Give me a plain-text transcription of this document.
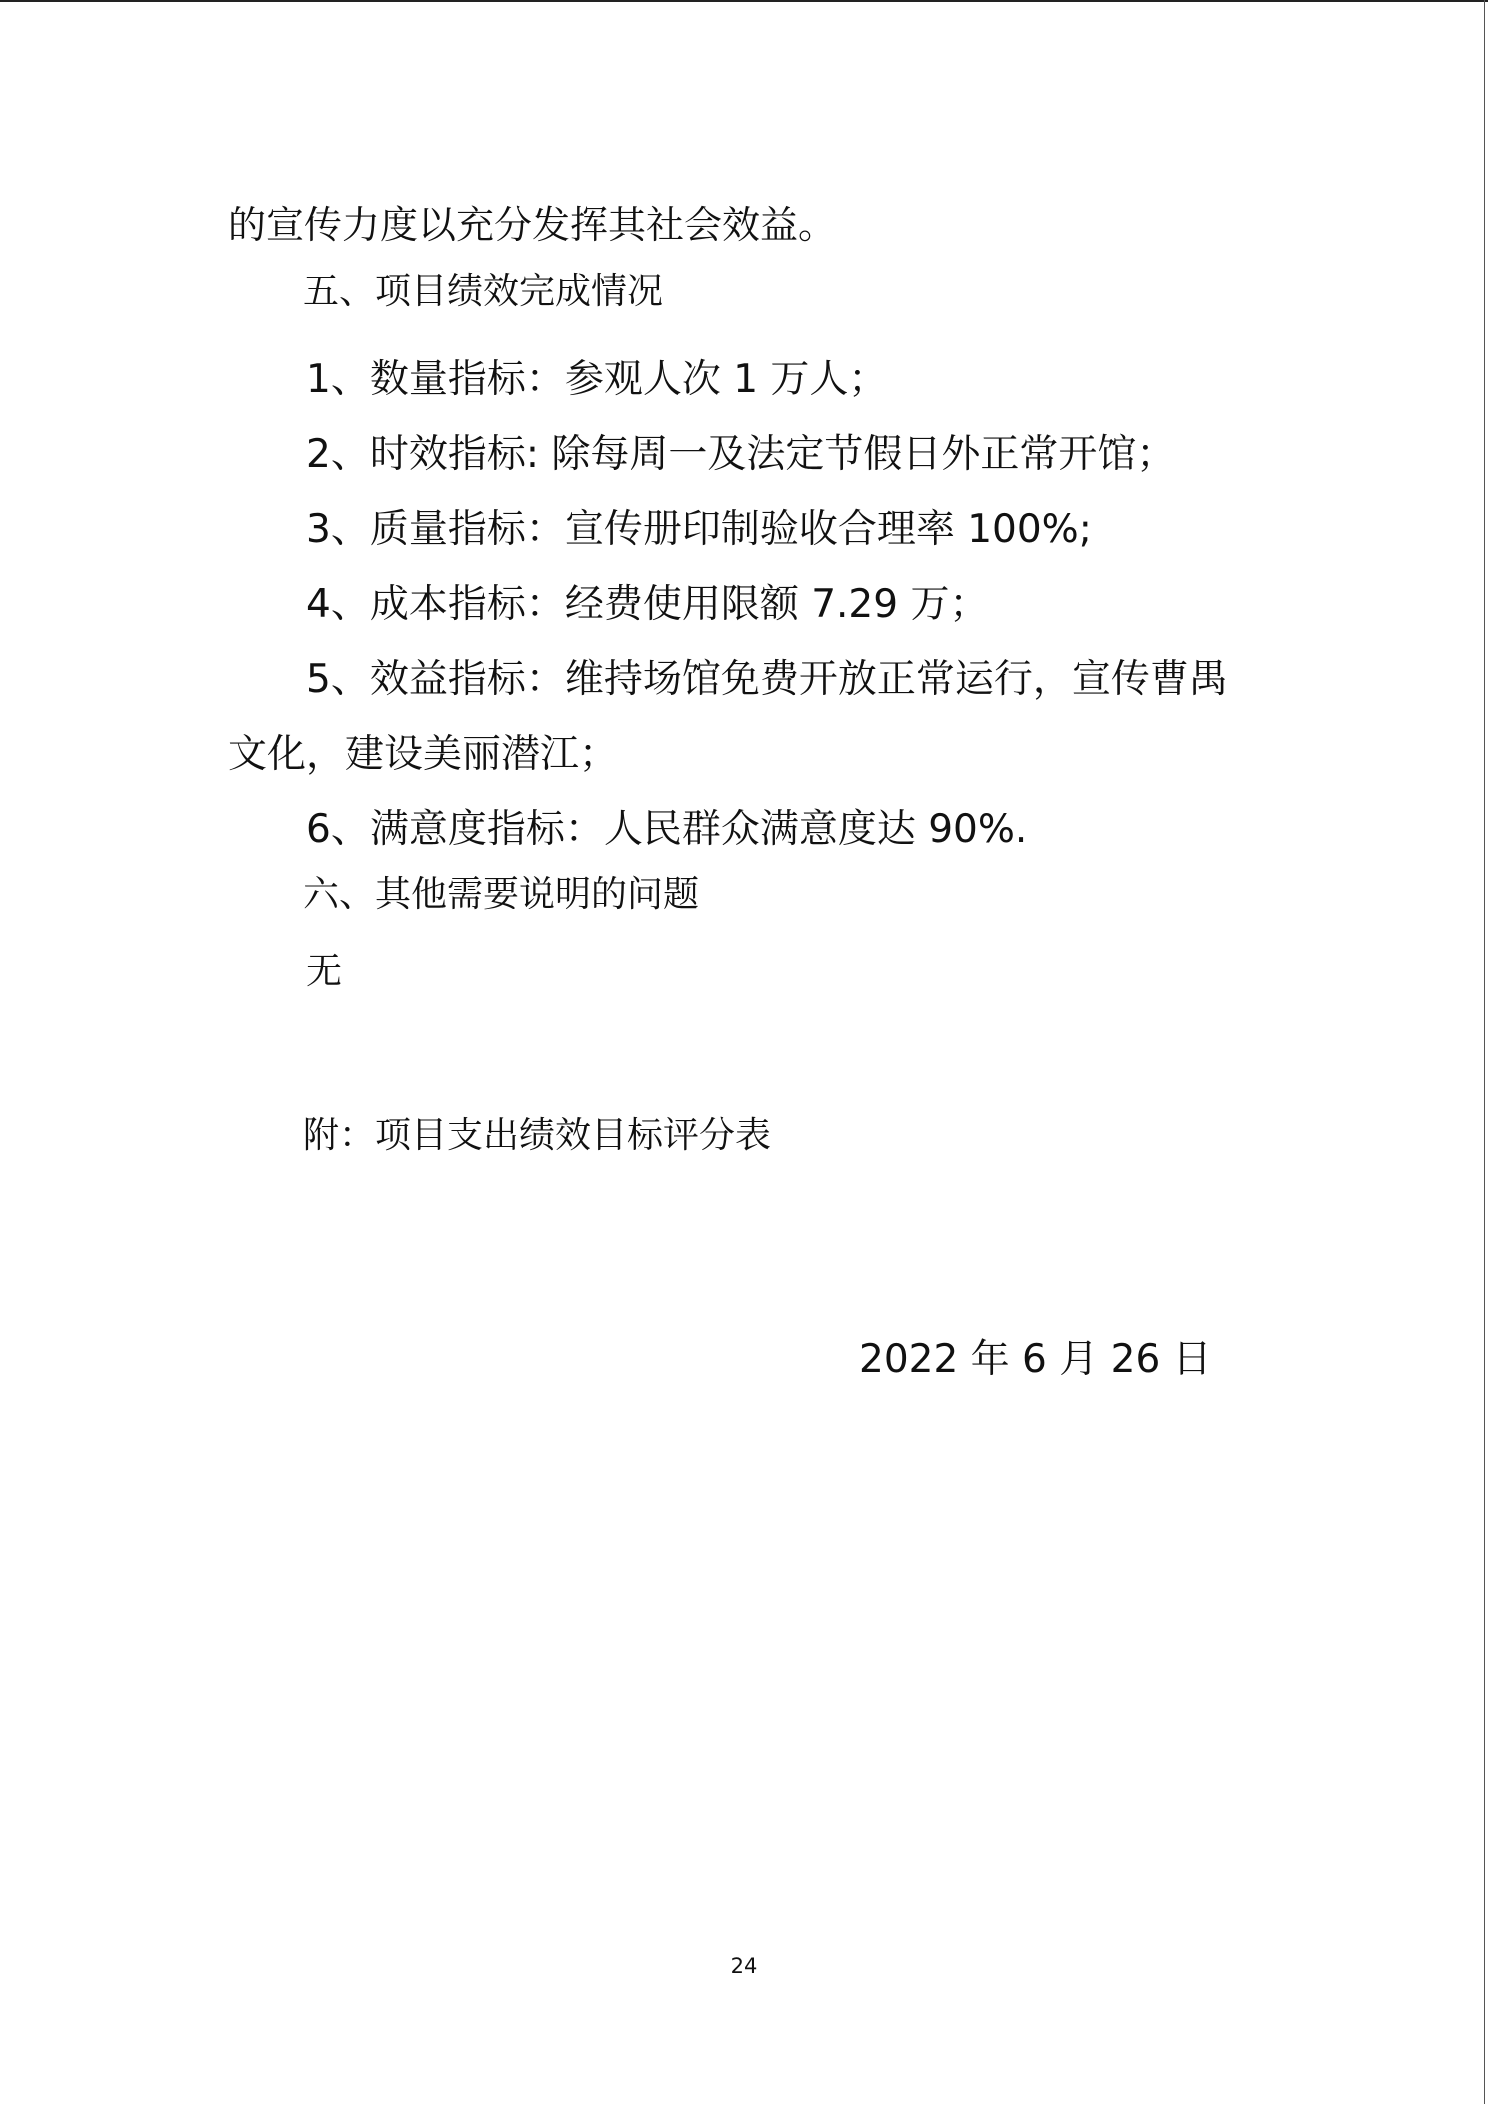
的宣传力度以充分发挥其社会效益。
五、项目绩效完成情况
1、数量指标：参观人次 1 万人；
2、时效指标: 除每周一及法定节假日外正常开馆；
3、质量指标：宣传册印制验收合理率 100%;
4、成本指标：经费使用限额 7.29 万；
5、效益指标：维持场馆免费开放正常运行，宣传曹禺
文化，建设美丽潜江；
6、满意度指标：人民群众满意度达 90%.
六、其他需要说明的问题
无
附：项目支出绩效目标评分表
2022 年 6 月 26 日
24
